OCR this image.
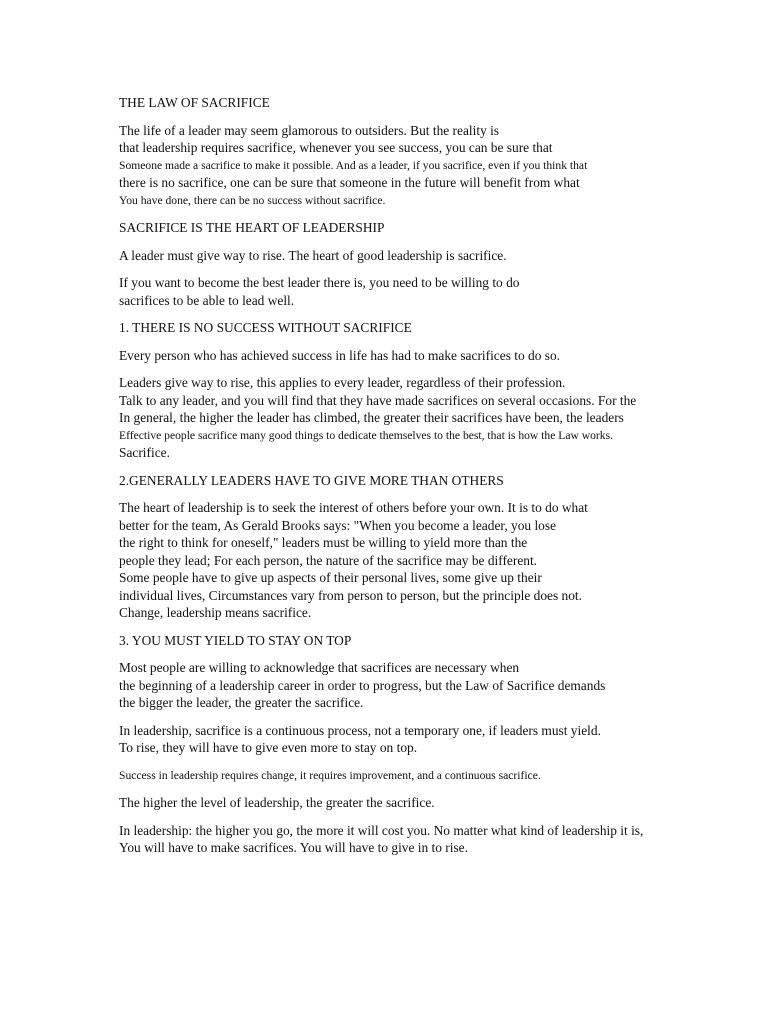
THE LAW OF SACRIFICE
The life of a leader may seem glamorous to outsiders. But the reality is
that leadership requires sacrifice, whenever you see success, you can be sure that
Someone made a sacrifice to make it possible. And as a leader, if you sacrifice, even if you think that
there is no sacrifice, one can be sure that someone in the future will benefit from what
You have done, there can be no success without sacrifice.
SACRIFICE IS THE HEART OF LEADERSHIP
A leader must give way to rise. The heart of good leadership is sacrifice.
If you want to become the best leader there is, you need to be willing to do
sacrifices to be able to lead well.
1. THERE IS NO SUCCESS WITHOUT SACRIFICE
Every person who has achieved success in life has had to make sacrifices to do so.
Leaders give way to rise, this applies to every leader, regardless of their profession.
Talk to any leader, and you will find that they have made sacrifices on several occasions. For the
In general, the higher the leader has climbed, the greater their sacrifices have been, the leaders
Effective people sacrifice many good things to dedicate themselves to the best, that is how the Law works.
Sacrifice.
2.GENERALLY LEADERS HAVE TO GIVE MORE THAN OTHERS
The heart of leadership is to seek the interest of others before your own. It is to do what
better for the team, As Gerald Brooks says: "When you become a leader, you lose
the right to think for oneself," leaders must be willing to yield more than the
people they lead; For each person, the nature of the sacrifice may be different.
Some people have to give up aspects of their personal lives, some give up their
individual lives, Circumstances vary from person to person, but the principle does not.
Change, leadership means sacrifice.
3. YOU MUST YIELD TO STAY ON TOP
Most people are willing to acknowledge that sacrifices are necessary when
the beginning of a leadership career in order to progress, but the Law of Sacrifice demands
the bigger the leader, the greater the sacrifice.
In leadership, sacrifice is a continuous process, not a temporary one, if leaders must yield.
To rise, they will have to give even more to stay on top.
Success in leadership requires change, it requires improvement, and a continuous sacrifice.
The higher the level of leadership, the greater the sacrifice.
In leadership: the higher you go, the more it will cost you. No matter what kind of leadership it is,
You will have to make sacrifices. You will have to give in to rise.
